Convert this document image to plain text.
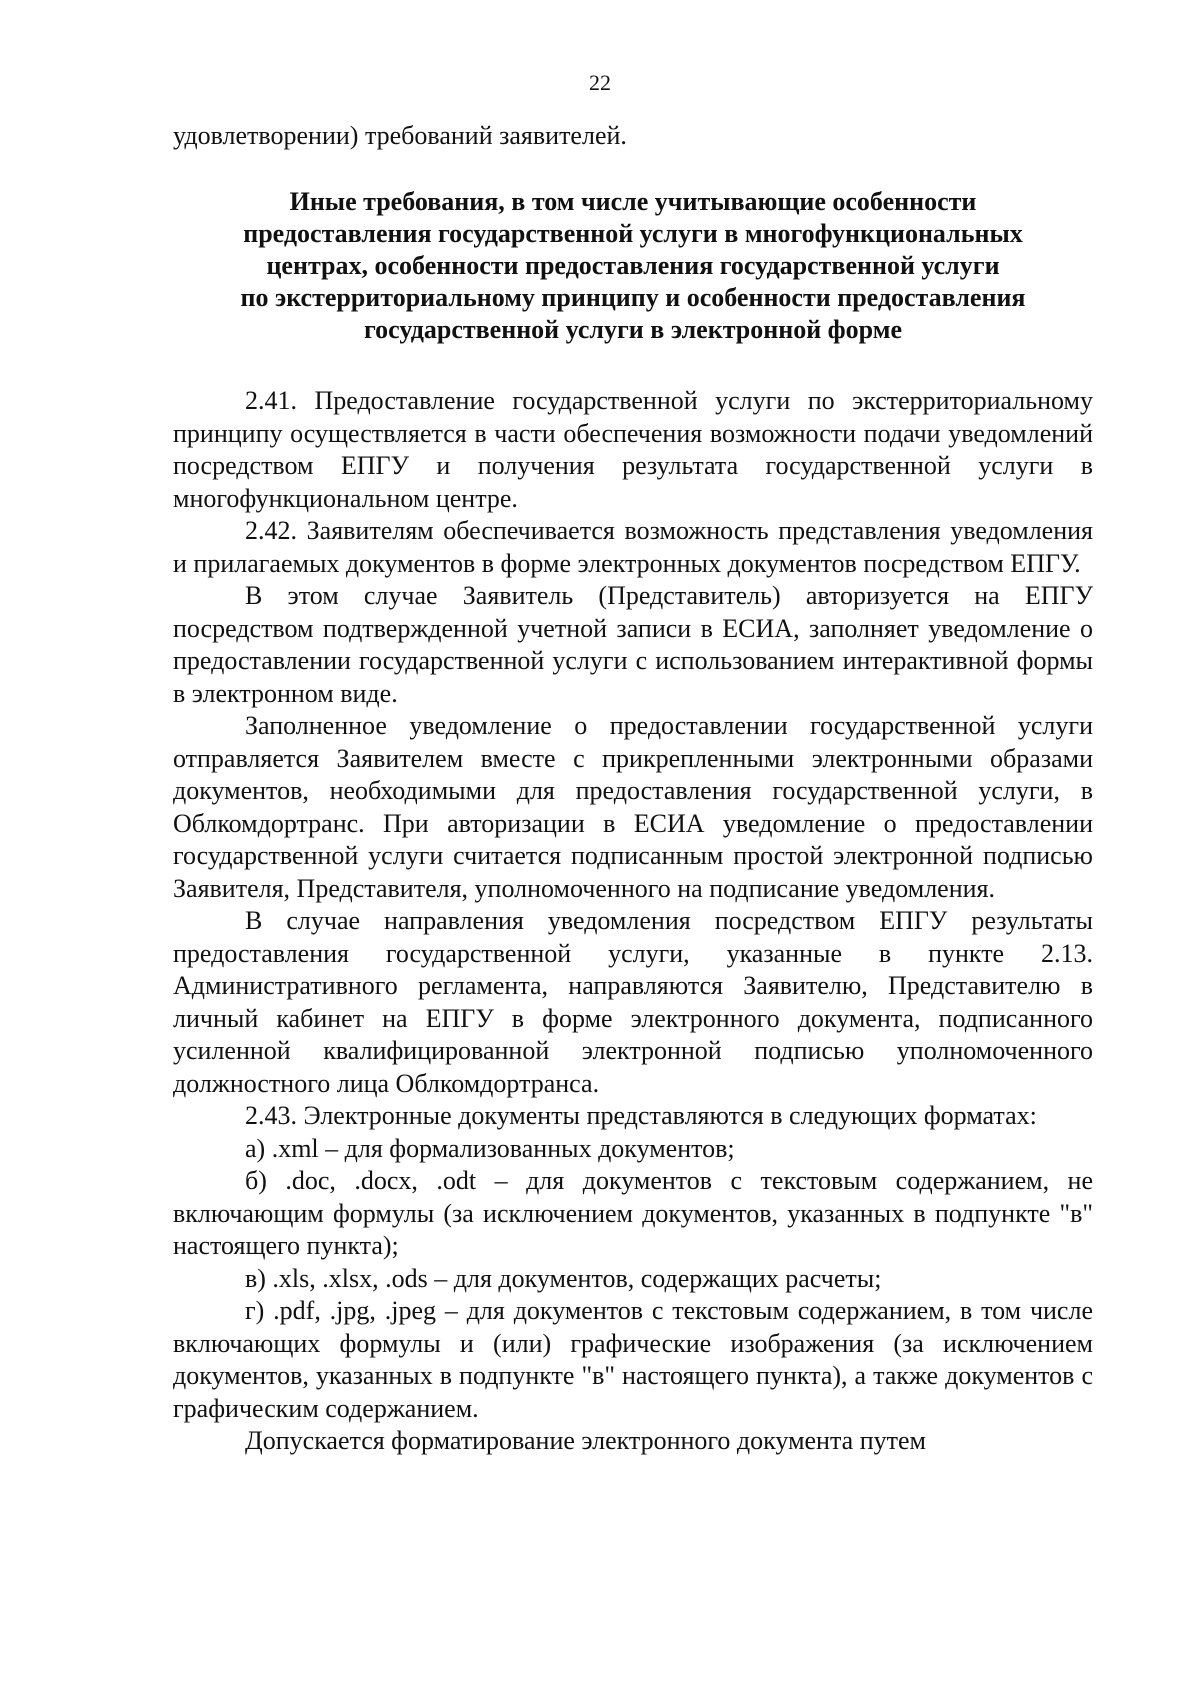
22
удовлетворении) требований заявителей.
Иные требования, в том числе учитывающие особенности
предоставления государственной услуги в многофункциональных
центрах, особенности предоставления государственной услуги
по экстерриториальному принципу и особенности предоставления
государственной услуги в электронной форме

2.41. Предоставление государственной услуги по экстерриториальному принципу осуществляется в части обеспечения возможности подачи уведомлений посредством ЕПГУ и получения результата государственной услуги в многофункциональном центре.

2.42. Заявителям обеспечивается возможность представления уведомления и прилагаемых документов в форме электронных документов посредством ЕПГУ.

В этом случае Заявитель (Представитель) авторизуется на ЕПГУ посредством подтвержденной учетной записи в ЕСИА, заполняет уведомление о предоставлении государственной услуги с использованием интерактивной формы в электронном виде.

Заполненное уведомление о предоставлении государственной услуги отправляется Заявителем вместе с прикрепленными электронными образами документов, необходимыми для предоставления государственной услуги, в Облкомдортранс. При авторизации в ЕСИА уведомление о предоставлении государственной услуги считается подписанным простой электронной подписью Заявителя, Представителя, уполномоченного на подписание уведомления.

В случае направления уведомления посредством ЕПГУ результаты предоставления государственной услуги, указанные в пункте 2.13. Административного регламента, направляются Заявителю, Представителю в личный кабинет на ЕПГУ в форме электронного документа, подписанного усиленной квалифицированной электронной подписью уполномоченного должностного лица Облкомдортранса.

2.43. Электронные документы представляются в следующих форматах:

а) .xml – для формализованных документов;

б) .doc, .docx, .odt – для документов с текстовым содержанием, не включающим формулы (за исключением документов, указанных в подпункте "в" настоящего пункта);

в) .xls, .xlsx, .ods – для документов, содержащих расчеты;

г) .pdf, .jpg, .jpeg – для документов с текстовым содержанием, в том числе включающих формулы и (или) графические изображения (за исключением документов, указанных в подпункте "в" настоящего пункта), а также документов с графическим содержанием.

Допускается форматирование электронного документа путем
